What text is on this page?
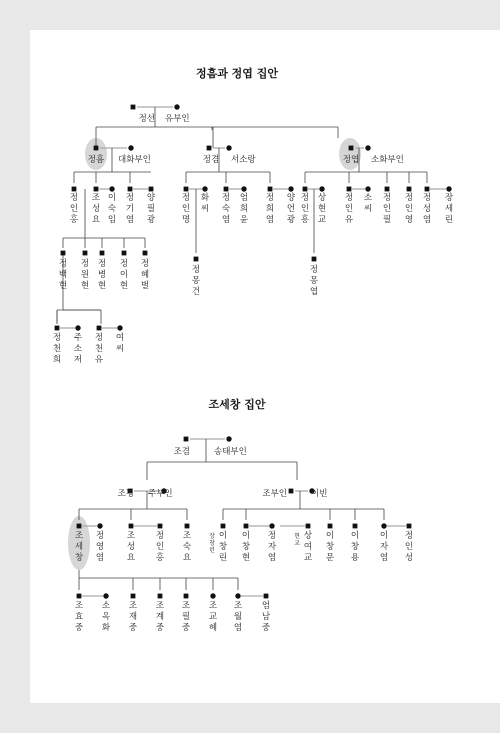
정흠과 정엽 집안
조세창 집안
정선 유부인
정흠 대화부인	정겸 서소랑	정엽 소화부인
정 인 홍
조 성 요
이 숙 임
정 기 염
양 필 광
정 인 명
화 씨
정 숙 염
엄 희 윤
정 희 염
양 언 광
정 인 흥
상 현 교
정 인 유
소 씨
정 인 필
정 인 영
정 성 염
장 세 린
정 백 현
정 원 현
정 병 현
정 이 현
정 혜 벌
정 몽 건
정 몽 엽
정 천 희
주 소 저
정 천 유
여 씨
조겸	송태부인
조정 주부인	조부인	이빈
조 세 창
정 영 염
조 성 요
정 인 홍
조 숙 요
이 창 린
이 창 현
정 자 염
상 여 교
이 창 문
이 창 용
이 자 염
정 인 성
장 창 린
현 교
조 효 중
소 옥 화
조 재 중
조 계 중
조 필 중
조 교 혜
조 월 염
엄 남 중
